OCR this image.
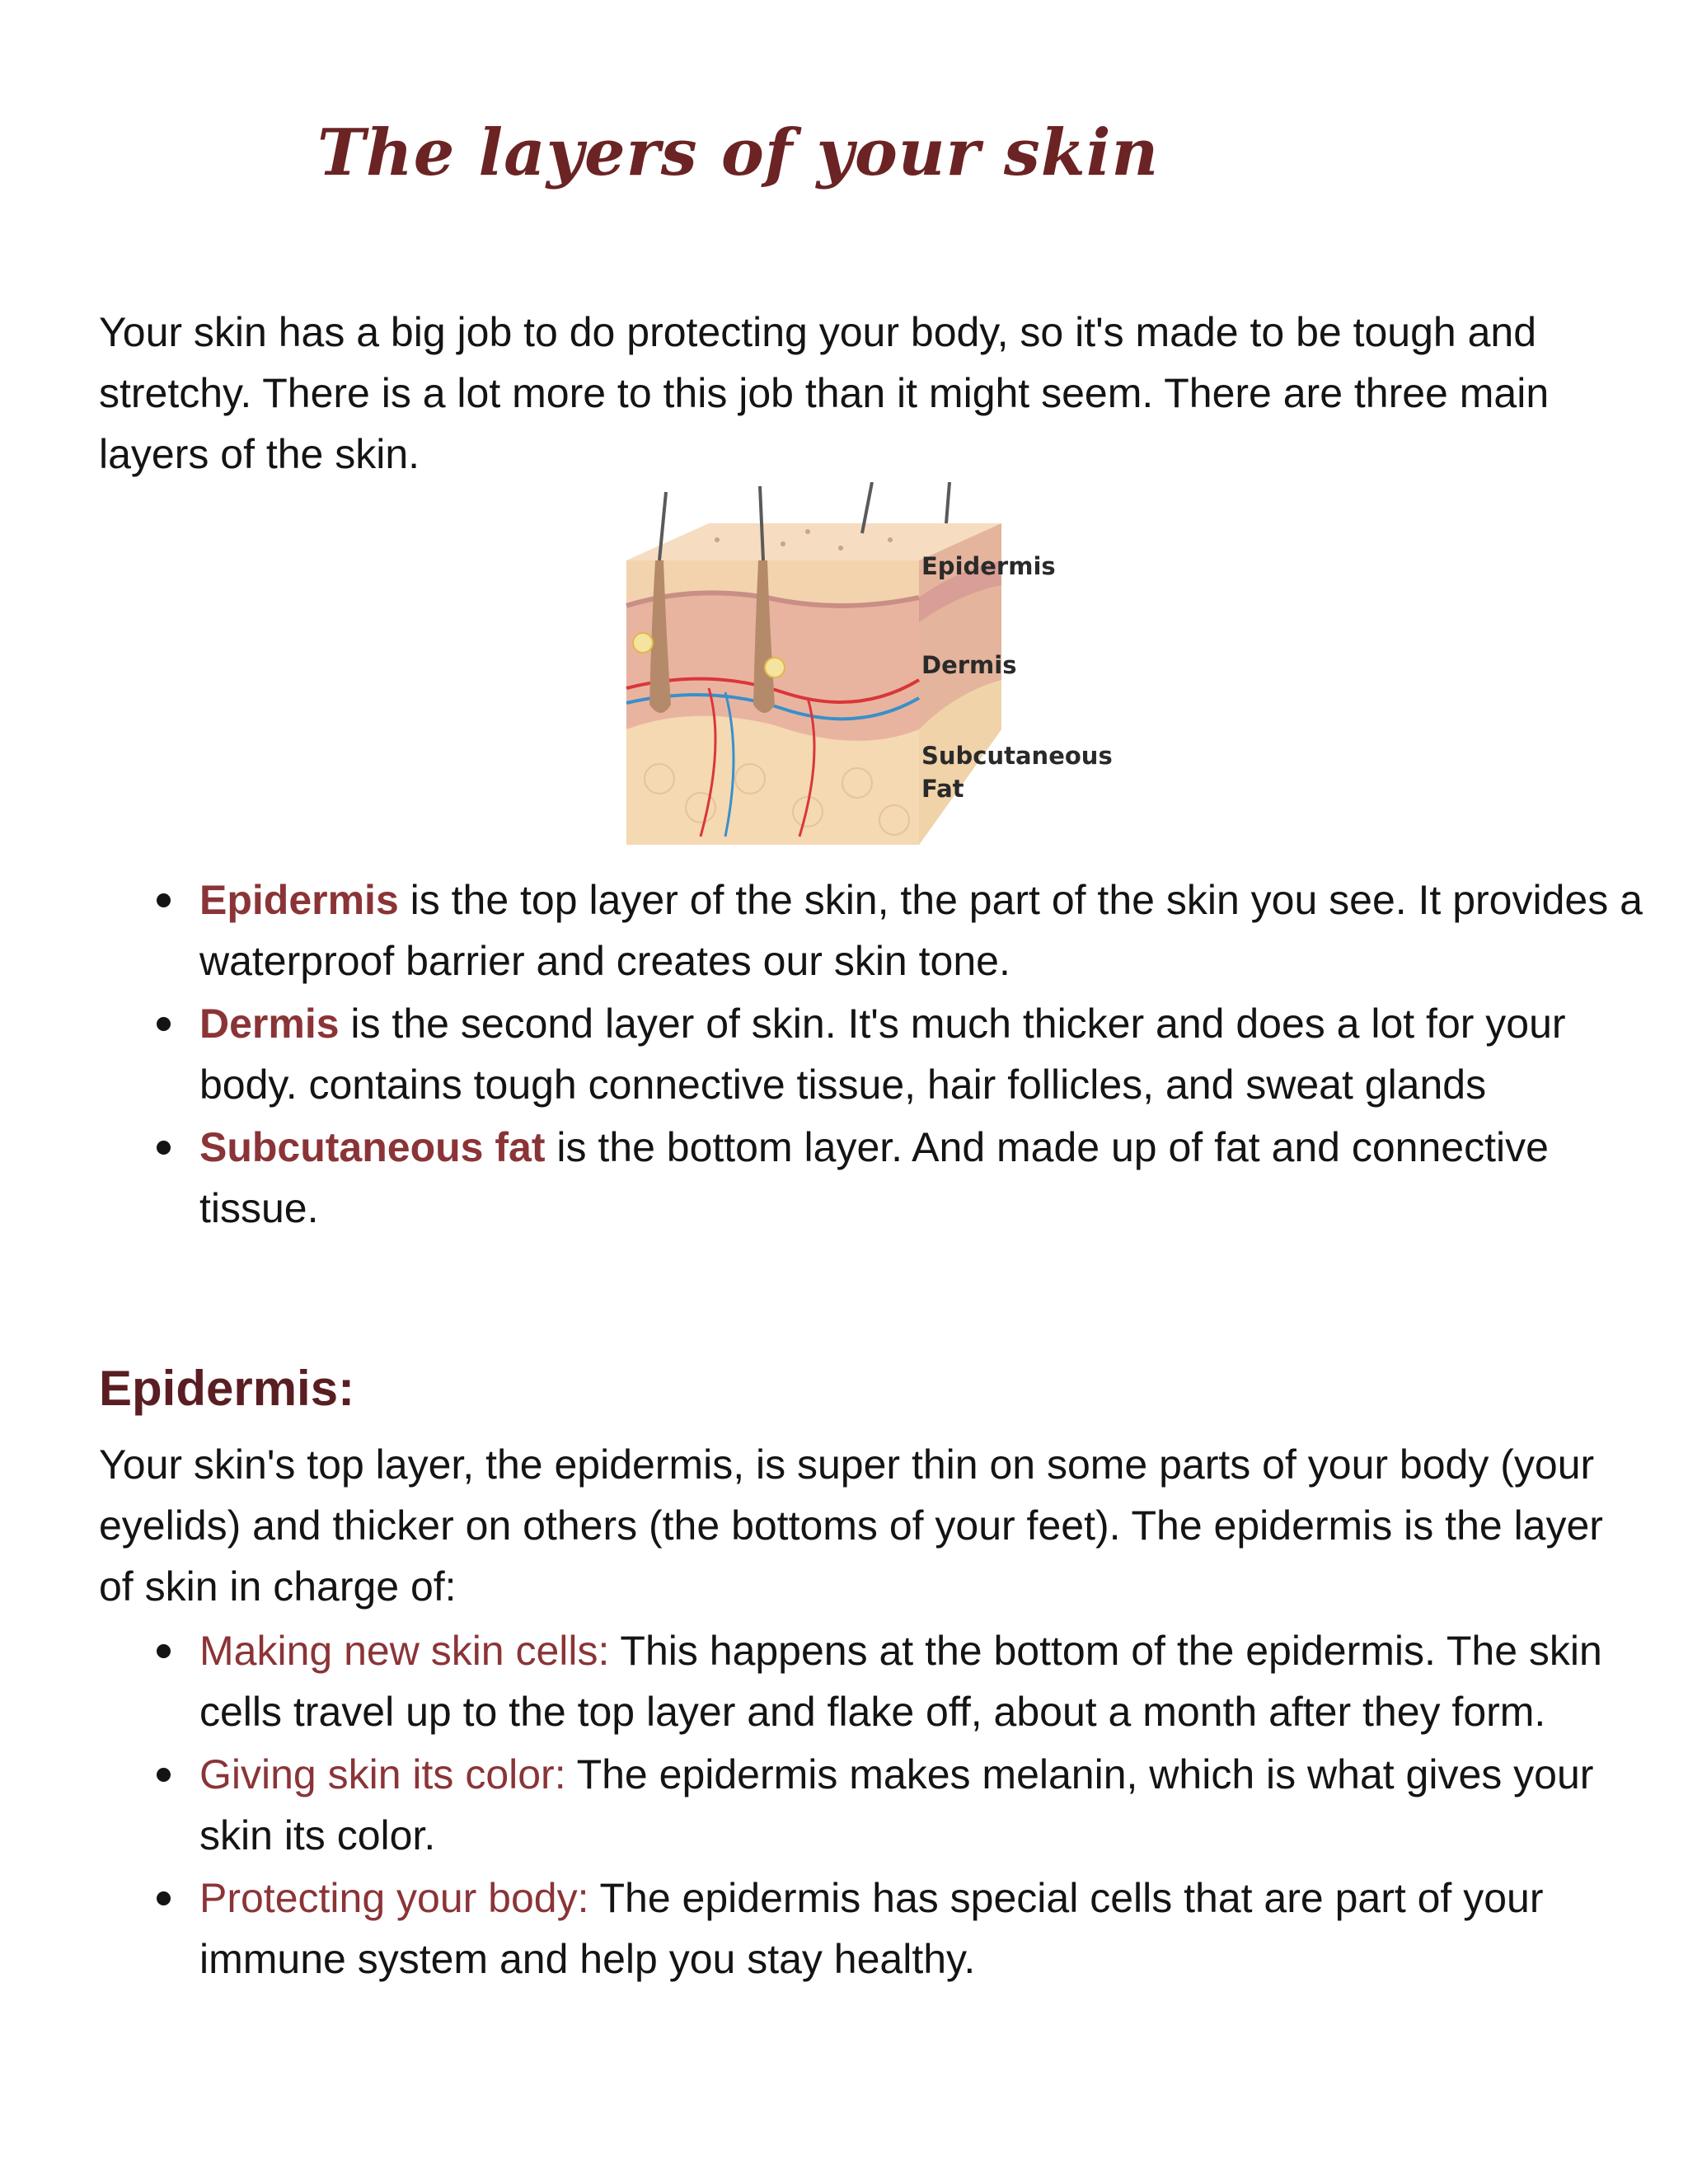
The layers of your skin

Your skin has a big job to do protecting your body, so it's made to be tough and stretchy. There is a lot more to this job than it might seem. There are three main layers of the skin.

Epidermis
Dermis
Subcutaneous
Fat
Epidermis is the top layer of the skin, the part of the skin you see. It provides a waterproof barrier and creates our skin tone.
Dermis is the second layer of skin. It's much thicker and does a lot for your body. contains tough connective tissue, hair follicles, and sweat glands
Subcutaneous fat is the bottom layer. And made up of fat and connective tissue.
Epidermis:

Your skin's top layer, the epidermis, is super thin on some parts of your body (your eyelids) and thicker on others (the bottoms of your feet). The epidermis is the layer of skin in charge of:

Making new skin cells: This happens at the bottom of the epidermis. The skin cells travel up to the top layer and flake off, about a month after they form.
Giving skin its color: The epidermis makes melanin, which is what gives your skin its color.
Protecting your body: The epidermis has special cells that are part of your immune system and help you stay healthy.
